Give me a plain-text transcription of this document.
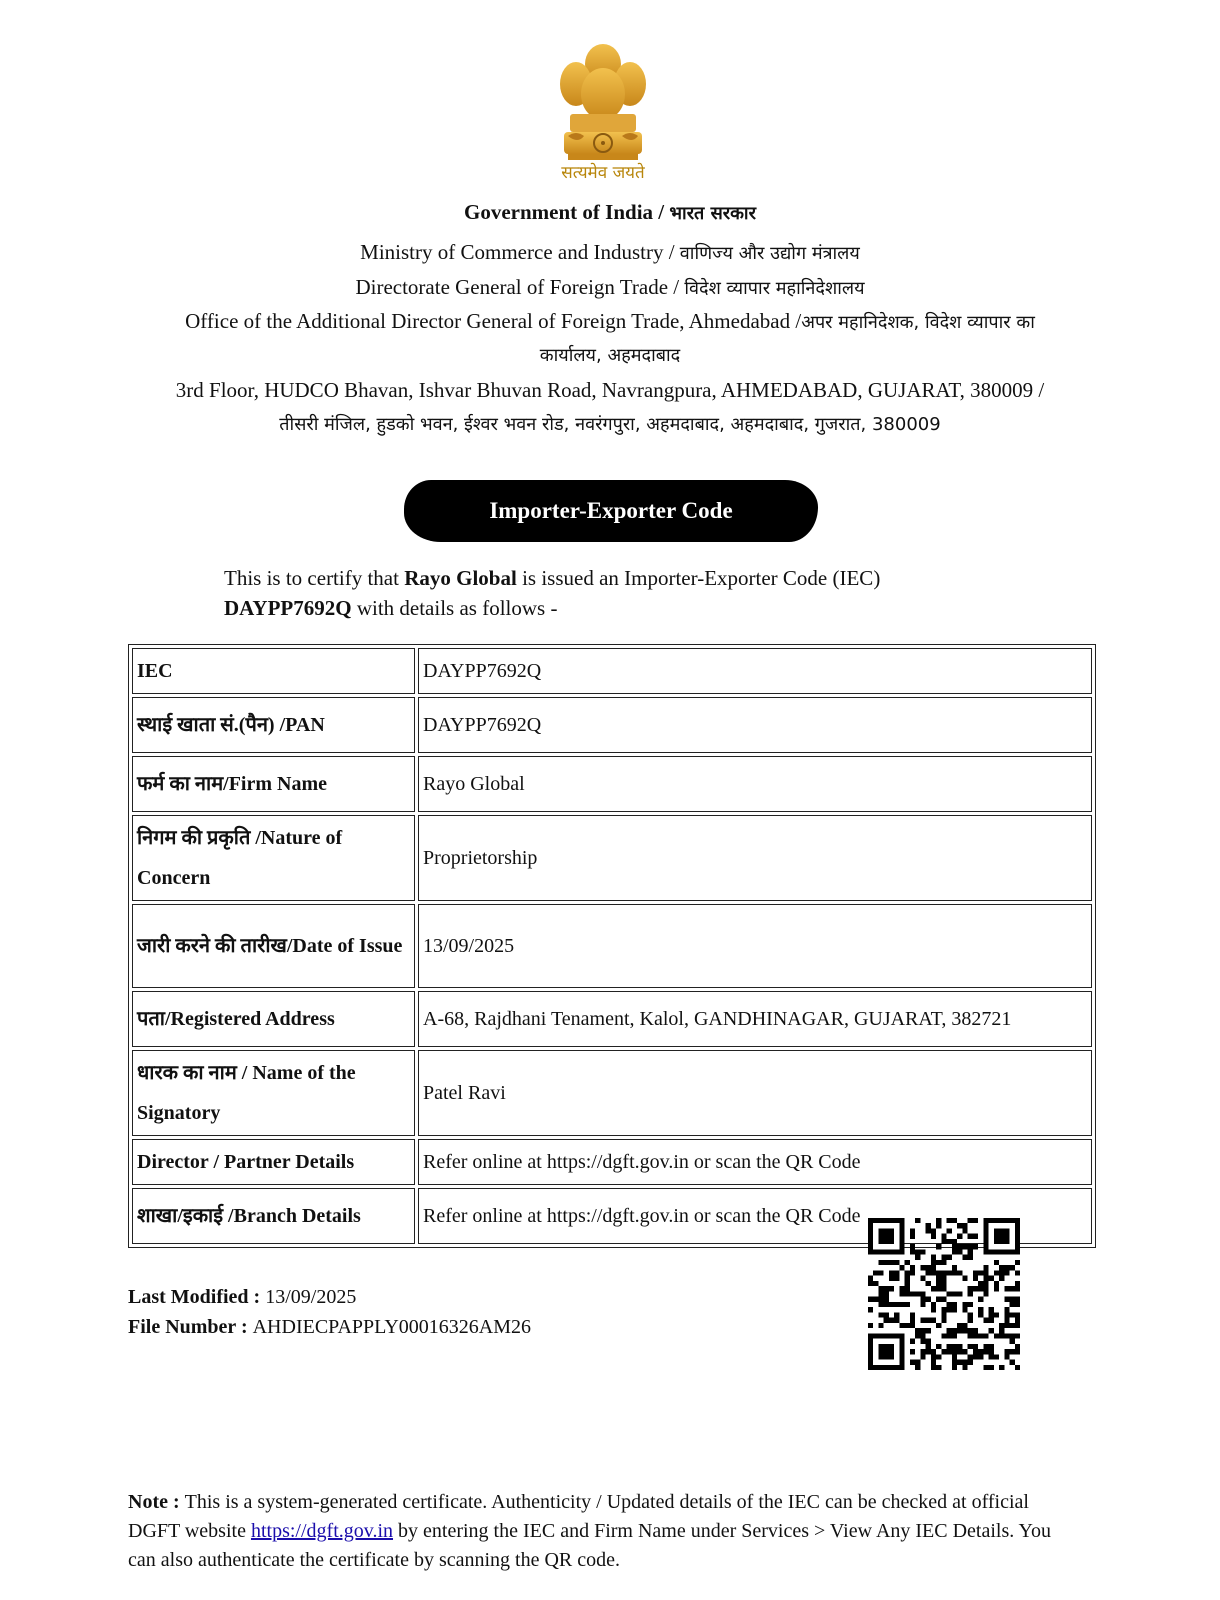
सत्यमेव जयते
Government of India / भारत सरकार
Ministry of Commerce and Industry / वाणिज्य और उद्योग मंत्रालय
Directorate General of Foreign Trade / विदेश व्यापार महानिदेशालय
Office of the Additional Director General of Foreign Trade, Ahmedabad /अपर महानिदेशक, विदेश व्यापार का
कार्यालय, अहमदाबाद
3rd Floor, HUDCO Bhavan, Ishvar Bhuvan Road, Navrangpura, AHMEDABAD, GUJARAT, 380009 /
तीसरी मंजिल, हुडको भवन, ईश्वर भवन रोड, नवरंगपुरा, अहमदाबाद, अहमदाबाद, गुजरात, 380009
Importer-Exporter Code
This is to certify that Rayo Global is issued an Importer-Exporter Code (IEC)
DAYPP7692Q with details as follows -
IEC	DAYPP7692Q
स्थाई खाता सं.(पैन) /PAN	DAYPP7692Q
फर्म का नाम/Firm Name	Rayo Global
निगम की प्रकृति /Nature of Concern	Proprietorship
जारी करने की तारीख/Date of Issue	13/09/2025
पता/Registered Address	A-68, Rajdhani Tenament, Kalol, GANDHINAGAR, GUJARAT, 382721
धारक का नाम / Name of the Signatory	Patel Ravi
Director / Partner Details	Refer online at https://dgft.gov.in or scan the QR Code
शाखा/इकाई /Branch Details	Refer online at https://dgft.gov.in or scan the QR Code
Last Modified : 13/09/2025
File Number : AHDIECPAPPLY00016326AM26
Note : This is a system-generated certificate. Authenticity / Updated details of the IEC can be checked at official DGFT website https://dgft.gov.in by entering the IEC and Firm Name under Services > View Any IEC Details. You can also authenticate the certificate by scanning the QR code.
